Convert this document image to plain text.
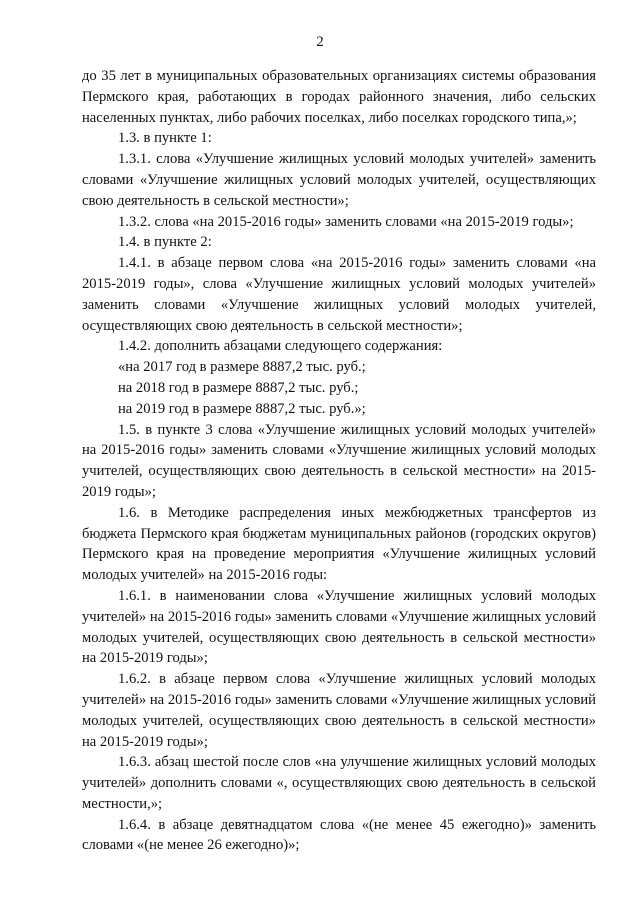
2

до 35 лет в муниципальных образовательных организациях системы образования Пермского края, работающих в городах районного значения, либо сельских населенных пунктах, либо рабочих поселках, либо поселках городского типа,»;

1.3. в пункте 1:

1.3.1. слова «Улучшение жилищных условий молодых учителей» заменить словами «Улучшение жилищных условий молодых учителей, осуществляющих свою деятельность в сельской местности»;

1.3.2. слова «на 2015-2016 годы» заменить словами «на 2015-2019 годы»;

1.4. в пункте 2:

1.4.1. в абзаце первом слова «на 2015-2016 годы» заменить словами «на 2015-2019 годы», слова «Улучшение жилищных условий молодых учителей» заменить словами «Улучшение жилищных условий молодых учителей, осуществляющих свою деятельность в сельской местности»;

1.4.2. дополнить абзацами следующего содержания:

«на 2017 год в размере 8887,2 тыс. руб.;

на 2018 год в размере 8887,2 тыс. руб.;

на 2019 год в размере 8887,2 тыс. руб.»;

1.5. в пункте 3 слова «Улучшение жилищных условий молодых учителей» на 2015-2016 годы» заменить словами «Улучшение жилищных условий молодых учителей, осуществляющих свою деятельность в сельской местности» на 2015-2019 годы»;

1.6. в Методике распределения иных межбюджетных трансфертов из бюджета Пермского края бюджетам муниципальных районов (городских округов) Пермского края на проведение мероприятия «Улучшение жилищных условий молодых учителей» на 2015-2016 годы:

1.6.1. в наименовании слова «Улучшение жилищных условий молодых учителей» на 2015-2016 годы» заменить словами «Улучшение жилищных условий молодых учителей, осуществляющих свою деятельность в сельской местности» на 2015-2019 годы»;

1.6.2. в абзаце первом слова «Улучшение жилищных условий молодых учителей» на 2015-2016 годы» заменить словами «Улучшение жилищных условий молодых учителей, осуществляющих свою деятельность в сельской местности» на 2015-2019 годы»;

1.6.3. абзац шестой после слов «на улучшение жилищных условий молодых учителей» дополнить словами «, осуществляющих свою деятельность в сельской местности,»;

1.6.4. в абзаце девятнадцатом слова «(не менее 45 ежегодно)» заменить словами «(не менее 26 ежегодно)»;
